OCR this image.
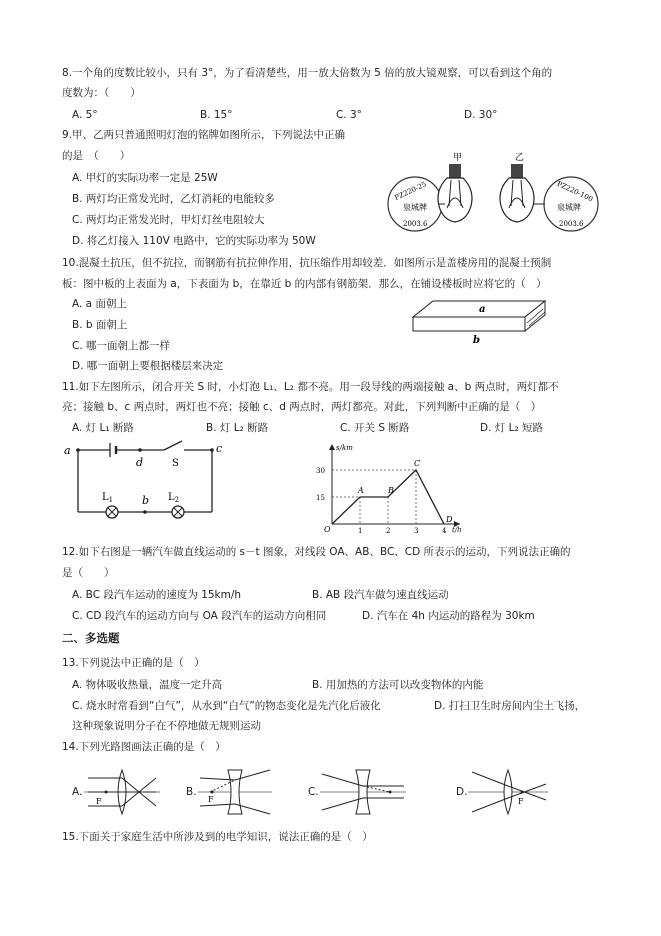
8.一个角的度数比较小，只有 3°，为了看清楚些，用一放大倍数为 5 倍的放大镜观察，可以看到这个角的
度数为：（　　）
A. 5°	B. 15°	C. 3°	D. 30°
9.甲、乙两只普通照明灯泡的铭牌如图所示，下列说法中正确
的是　（　　）
A. 甲灯的实际功率一定是 25W
B. 两灯均正常发光时，乙灯消耗的电能较多
C. 两灯均正常发光时，甲灯灯丝电阻较大
D. 将乙灯接入 110V 电路中，它的实际功率为 50W
甲	乙
PZ220-25
泉城牌
2003.6
PZ220-100
泉城牌
2003.6
10.混凝土抗压，但不抗拉，而钢筋有抗拉伸作用，抗压缩作用却较差．如图所示是盖楼房用的混凝土预制
板：图中板的上表面为 a，下表面为 b，在靠近 b 的内部有钢筋架．那么，在铺设楼板时应将它的（　）
A. a 面朝上
B. b 面朝上
C. 哪一面朝上都一样
D. 哪一面朝上要根据楼层来决定
a
b
11.如下左图所示，闭合开关 S 时，小灯泡 L₁、L₂ 都不亮。用一段导线的两端接触 a、b 两点时，两灯都不
亮；接触 b、c 两点时，两灯也不亮；接触 c、d 两点时，两灯都亮。对此，下列判断中正确的是（　）
A. 灯 L₁ 断路	B. 灯 L₂ 断路	C. 开关 S 断路	D. 灯 L₂ 短路
a
d	S
c
b
$L_1$	$L_2$
s/km
t/h
O
30
15
1	2	3	4
A	B
C
D
12.如下右图是一辆汽车做直线运动的 s－t 图象，对线段 OA、AB、BC、CD 所表示的运动，下列说法正确的
是（　　）
A. BC 段汽车运动的速度为 15km/h	B. AB 段汽车做匀速直线运动
C. CD 段汽车的运动方向与 OA 段汽车的运动方向相同	D. 汽车在 4h 内运动的路程为 30km
二、多选题
13.下列说法中正确的是（　）
A. 物体吸收热量，温度一定升高	B. 用加热的方法可以改变物体的内能
C. 烧水时常看到“白气”，从水到“白气”的物态变化是先汽化后液化	D. 打扫卫生时房间内尘土飞扬，
这种现象说明分子在不停地做无规则运动
14.下列光路图画法正确的是（　）
A.
F
B.
F
C.	D.
F
15.下面关于家庭生活中所涉及到的电学知识，说法正确的是（　）
